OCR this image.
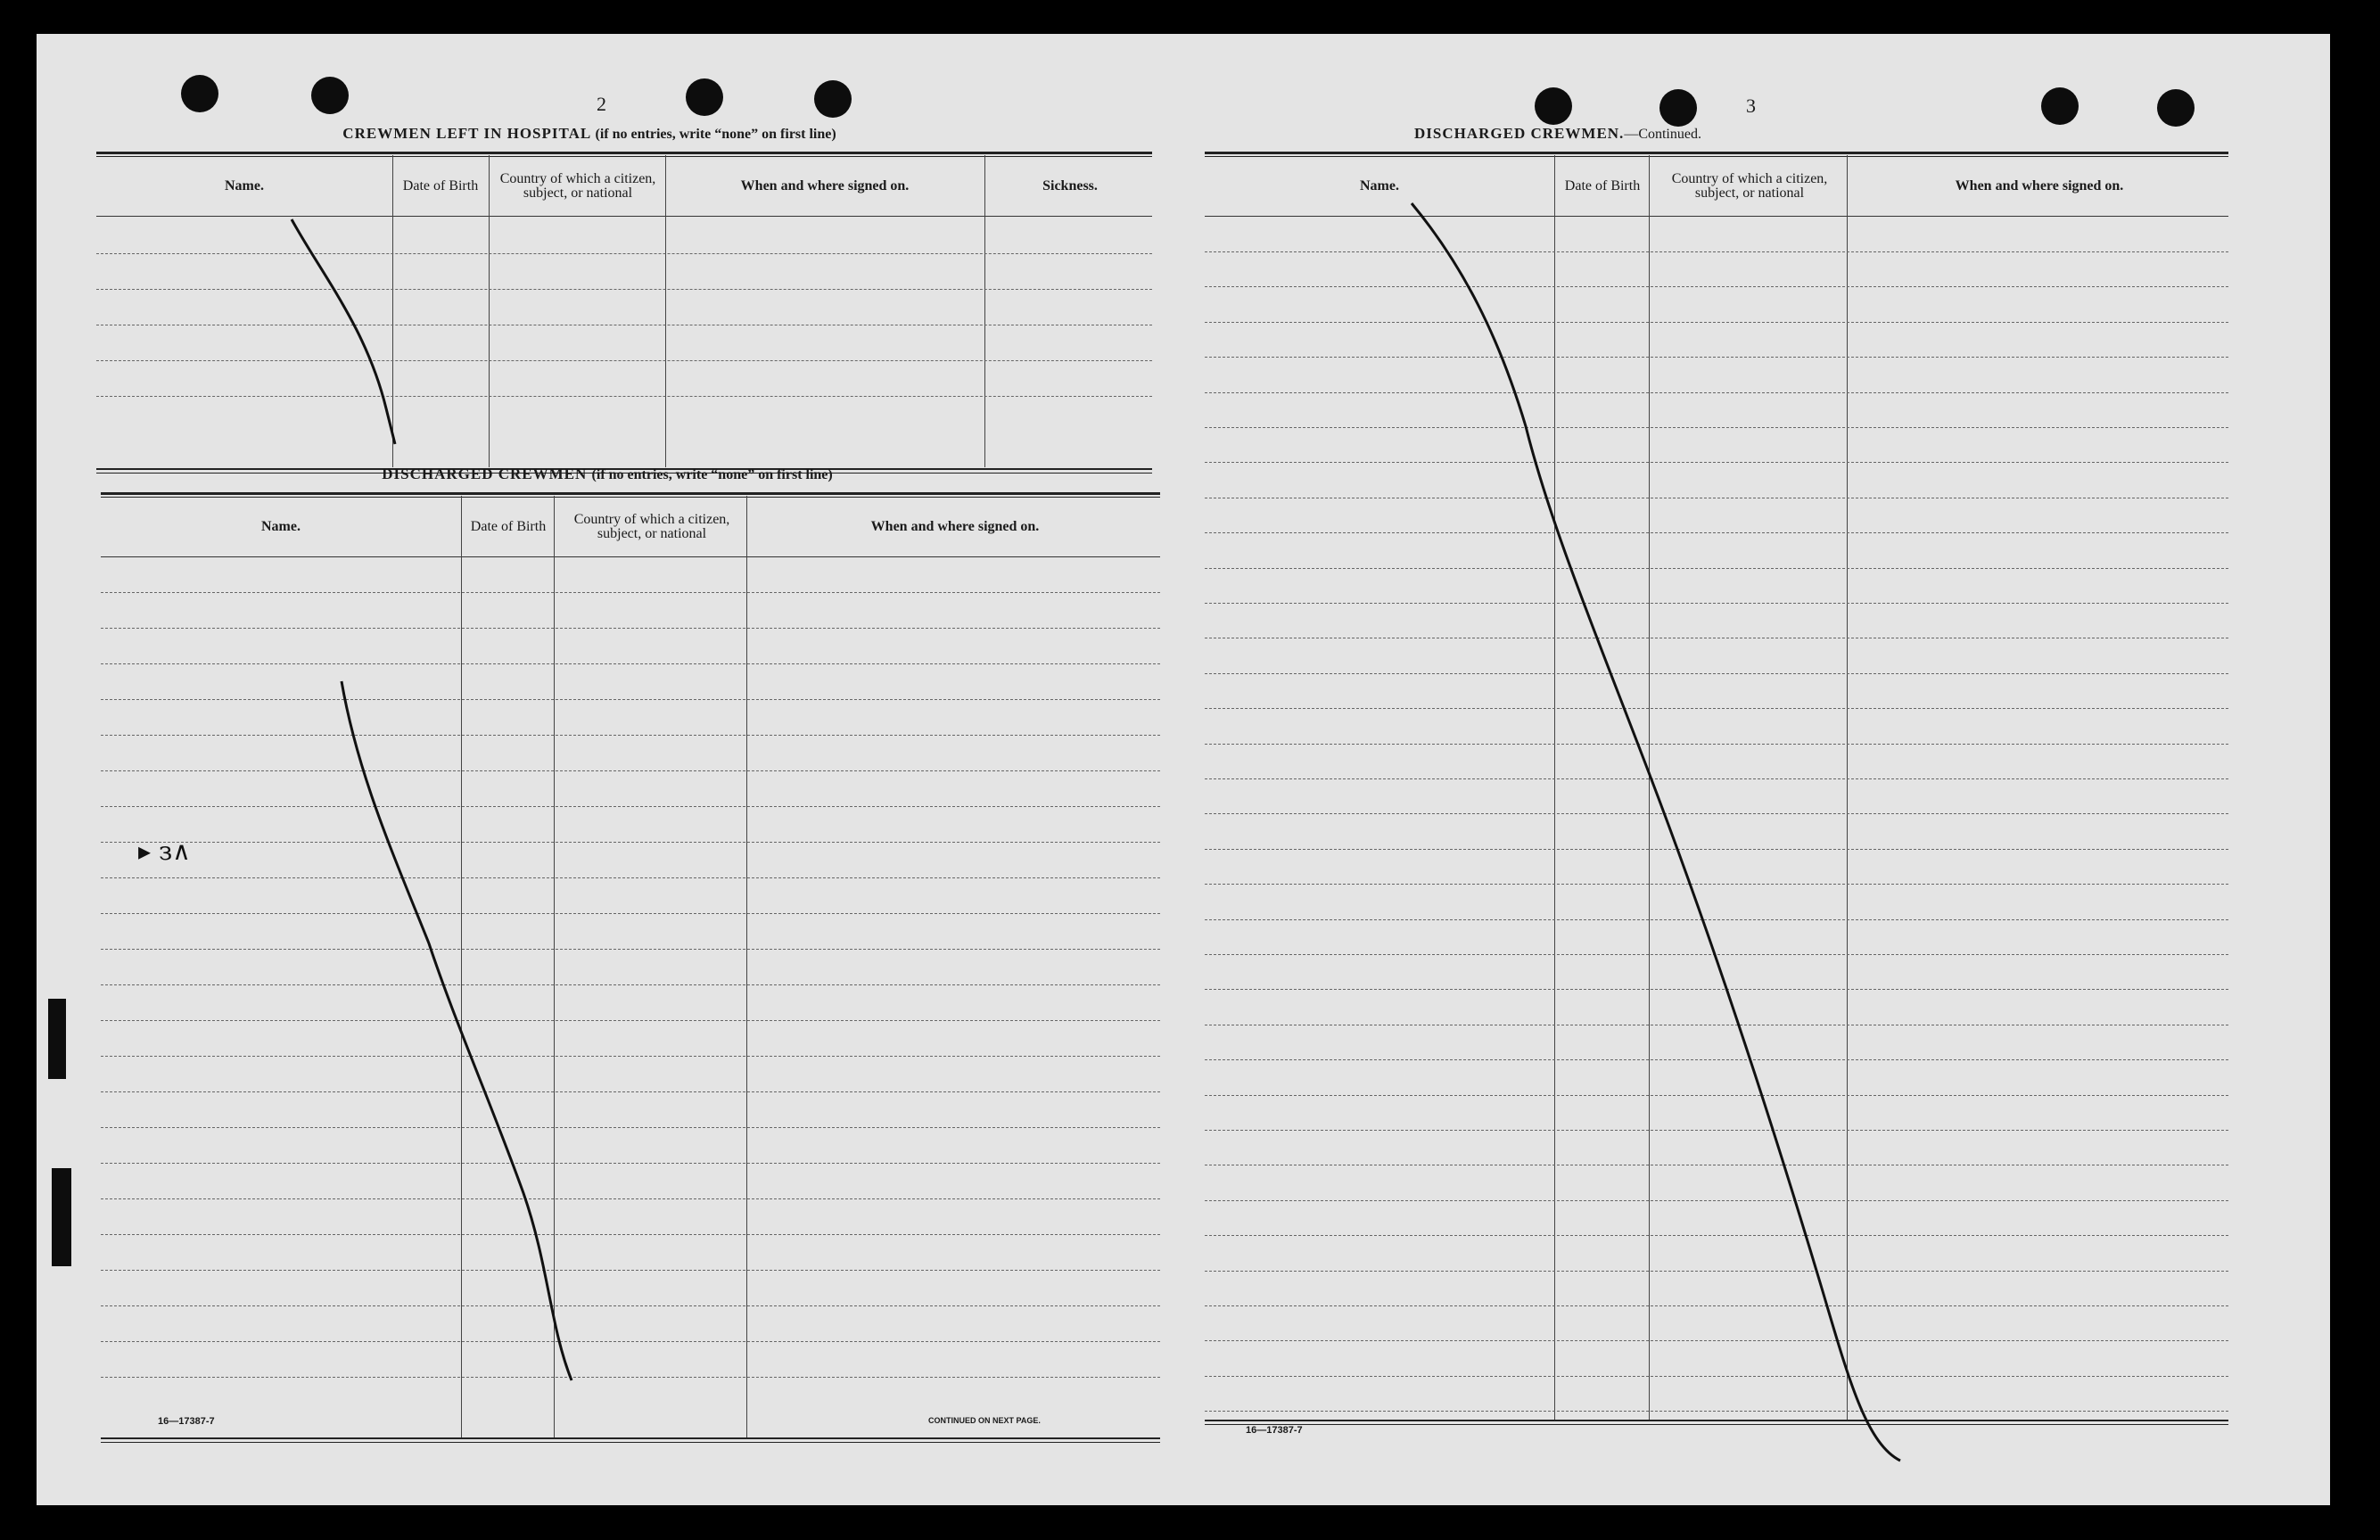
2
CREWMEN LEFT IN HOSPITAL (if no entries, write “none” on first line)
Name.	Date of Birth	Country of which a citizen, subject, or national	When and where signed on.	Sickness.
DISCHARGED CREWMEN (if no entries, write “none” on first line)
Name.	Date of Birth	Country of which a citizen, subject, or national	When and where signed on.
16—17387-7	CONTINUED ON NEXT PAGE.
▸ з∧
3
DISCHARGED CREWMEN.—Continued.
Name.	Date of Birth	Country of which a citizen, subject, or national	When and where signed on.
16—17387-7
